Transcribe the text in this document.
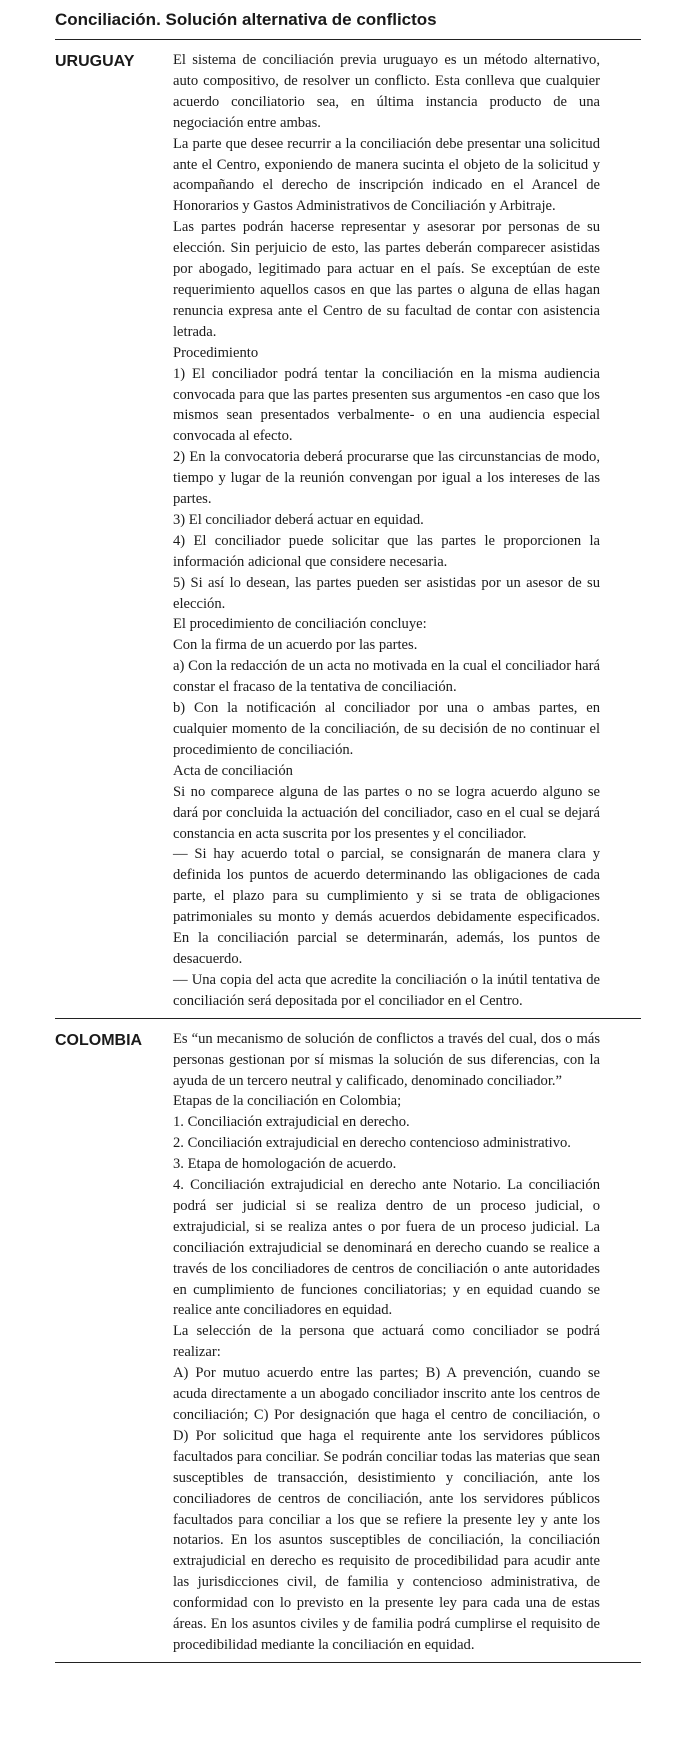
Conciliación. Solución alternativa de conflictos
URUGUAY	El sistema de conciliación previa uruguayo es un método alternativo, auto compositivo, de resolver un conflicto. Esta conlleva que cualquier acuerdo conciliatorio sea, en última instancia producto de una negociación entre ambas.

La parte que desee recurrir a la conciliación debe presentar una solicitud ante el Centro, exponiendo de manera sucinta el objeto de la solicitud y acompañando el derecho de inscripción indicado en el Arancel de Honorarios y Gastos Administrativos de Conciliación y Arbitraje.

Las partes podrán hacerse representar y asesorar por personas de su elección. Sin perjuicio de esto, las partes deberán comparecer asistidas por abogado, legitimado para actuar en el país. Se exceptúan de este requerimiento aquellos casos en que las partes o alguna de ellas hagan renuncia expresa ante el Centro de su facultad de contar con asistencia letrada.

Procedimiento

1) El conciliador podrá tentar la conciliación en la misma audiencia convocada para que las partes presenten sus argumentos -en caso que los mismos sean presentados verbalmente- o en una audiencia especial convocada al efecto.

2) En la convocatoria deberá procurarse que las circunstancias de modo, tiempo y lugar de la reunión convengan por igual a los intereses de las partes.

3) El conciliador deberá actuar en equidad.

4) El conciliador puede solicitar que las partes le proporcionen la información adicional que considere necesaria.

5) Si así lo desean, las partes pueden ser asistidas por un asesor de su elección.

El procedimiento de conciliación concluye:

Con la firma de un acuerdo por las partes.

a) Con la redacción de un acta no motivada en la cual el conciliador hará constar el fracaso de la tentativa de conciliación.

b) Con la notificación al conciliador por una o ambas partes, en cualquier momento de la conciliación, de su decisión de no continuar el procedimiento de conciliación.

Acta de conciliación

Si no comparece alguna de las partes o no se logra acuerdo alguno se dará por concluida la actuación del conciliador, caso en el cual se dejará constancia en acta suscrita por los presentes y el conciliador.

— Si hay acuerdo total o parcial, se consignarán de manera clara y definida los puntos de acuerdo determinando las obligaciones de cada parte, el plazo para su cumplimiento y si se trata de obligaciones patrimoniales su monto y demás acuerdos debidamente especificados. En la conciliación parcial se determinarán, además, los puntos de desacuerdo.

— Una copia del acta que acredite la conciliación o la inútil tentativa de conciliación será depositada por el conciliador en el Centro.

COLOMBIA	Es “un mecanismo de solución de conflictos a través del cual, dos o más personas gestionan por sí mismas la solución de sus diferencias, con la ayuda de un tercero neutral y calificado, denominado conciliador.”

Etapas de la conciliación en Colombia;

1. Conciliación extrajudicial en derecho.

2. Conciliación extrajudicial en derecho contencioso administrativo.

3. Etapa de homologación de acuerdo.

4. Conciliación extrajudicial en derecho ante Notario. La conciliación podrá ser judicial si se realiza dentro de un proceso judicial, o extrajudicial, si se realiza antes o por fuera de un proceso judicial. La conciliación extrajudicial se denominará en derecho cuando se realice a través de los conciliadores de centros de conciliación o ante autoridades en cumplimiento de funciones conciliatorias; y en equidad cuando se realice ante conciliadores en equidad.

La selección de la persona que actuará como conciliador se podrá realizar:

A) Por mutuo acuerdo entre las partes; B) A prevención, cuando se acuda directamente a un abogado conciliador inscrito ante los centros de conciliación; C) Por designación que haga el centro de conciliación, o D) Por solicitud que haga el requirente ante los servidores públicos facultados para conciliar. Se podrán conciliar todas las materias que sean susceptibles de transacción, desistimiento y conciliación, ante los conciliadores de centros de conciliación, ante los servidores públicos facultados para conciliar a los que se refiere la presente ley y ante los notarios. En los asuntos susceptibles de conciliación, la conciliación extrajudicial en derecho es requisito de procedibilidad para acudir ante las jurisdicciones civil, de familia y contencioso administrativa, de conformidad con lo previsto en la presente ley para cada una de estas áreas. En los asuntos civiles y de familia podrá cumplirse el requisito de procedibilidad mediante la conciliación en equidad.
